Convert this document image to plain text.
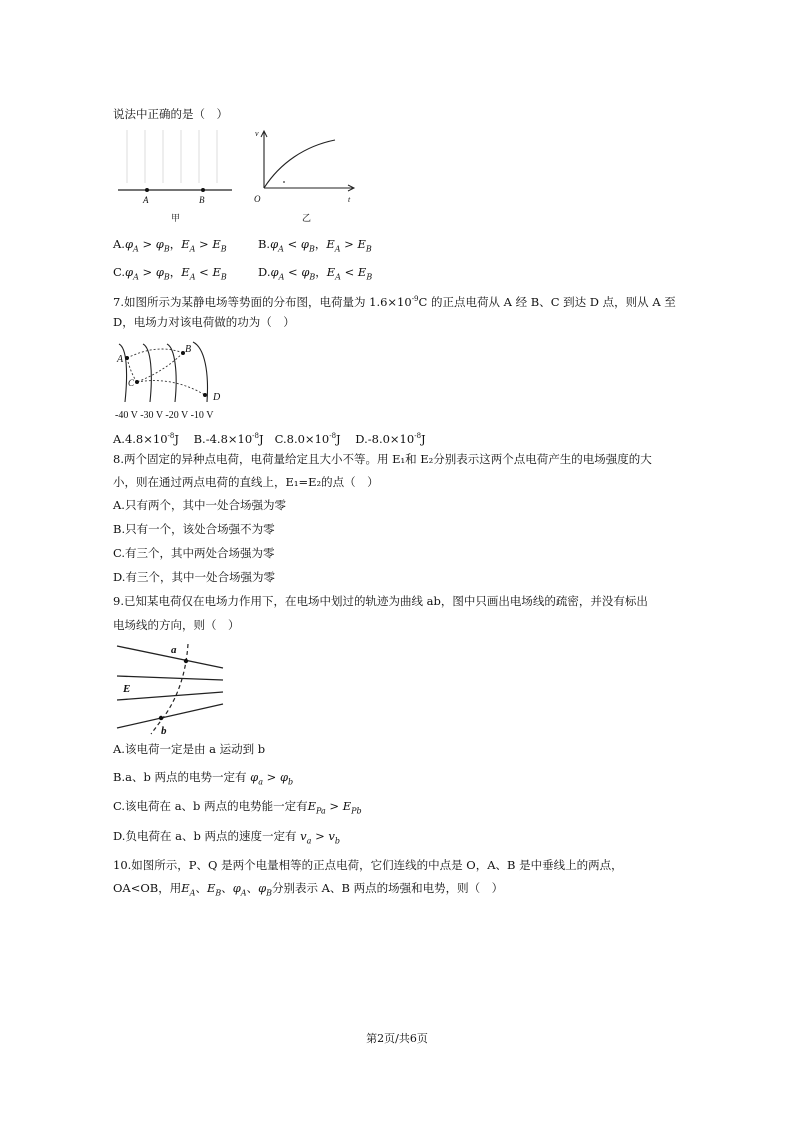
说法中正确的是（　）
A	B
甲
v
t
O
乙
$A.\varphi_A > \varphi_B$，$E_A > E_B$	$B.\varphi_A < \varphi_B$，$E_A > E_B$
$C.\varphi_A > \varphi_B$，$E_A < E_B$	$D.\varphi_A < \varphi_B$，$E_A < E_B$
7.如图所示为某静电场等势面的分布图，电荷量为 $1.6\times 10^{-9}C$ 的正点电荷从 A 经 B、C 到达 D 点，则从 A 至
D，电场力对该电荷做的功为（　）
A
B
C
D
-40 V -30 V -20 V -10 V
$A.4.8\times 10^{-8}J$ $B.-4.8\times 10^{-8}J$ $C.8.0\times 10^{-8}J$ $D.-8.0\times 10^{-8}J$
8.两个固定的异种点电荷，电荷量给定且大小不等。用 E₁和 E₂分别表示这两个点电荷产生的电场强度的大
小，则在通过两点电荷的直线上，E₁=E₂的点（　）
A.只有两个，其中一处合场强为零
B.只有一个，该处合场强不为零
C.有三个，其中两处合场强为零
D.有三个，其中一处合场强为零
9.已知某电荷仅在电场力作用下，在电场中划过的轨迹为曲线 ab，图中只画出电场线的疏密，并没有标出
电场线的方向，则（　）
a
b
E
A.该电荷一定是由 a 运动到 b
B.a、b 两点的电势一定有 $\varphi_a > \varphi_b$
C.该电荷在 a、b 两点的电势能一定有$E_{Pa} > E_{Pb}$
D.负电荷在 a、b 两点的速度一定有 $v_a > v_b$
10.如图所示，P、Q 是两个电量相等的正点电荷，它们连线的中点是 O，A、B 是中垂线上的两点，
OA<OB，用$E_A$、$E_B$、$\varphi_A$、$\varphi_B$分别表示 A、B 两点的场强和电势，则（　）
第2页/共6页
